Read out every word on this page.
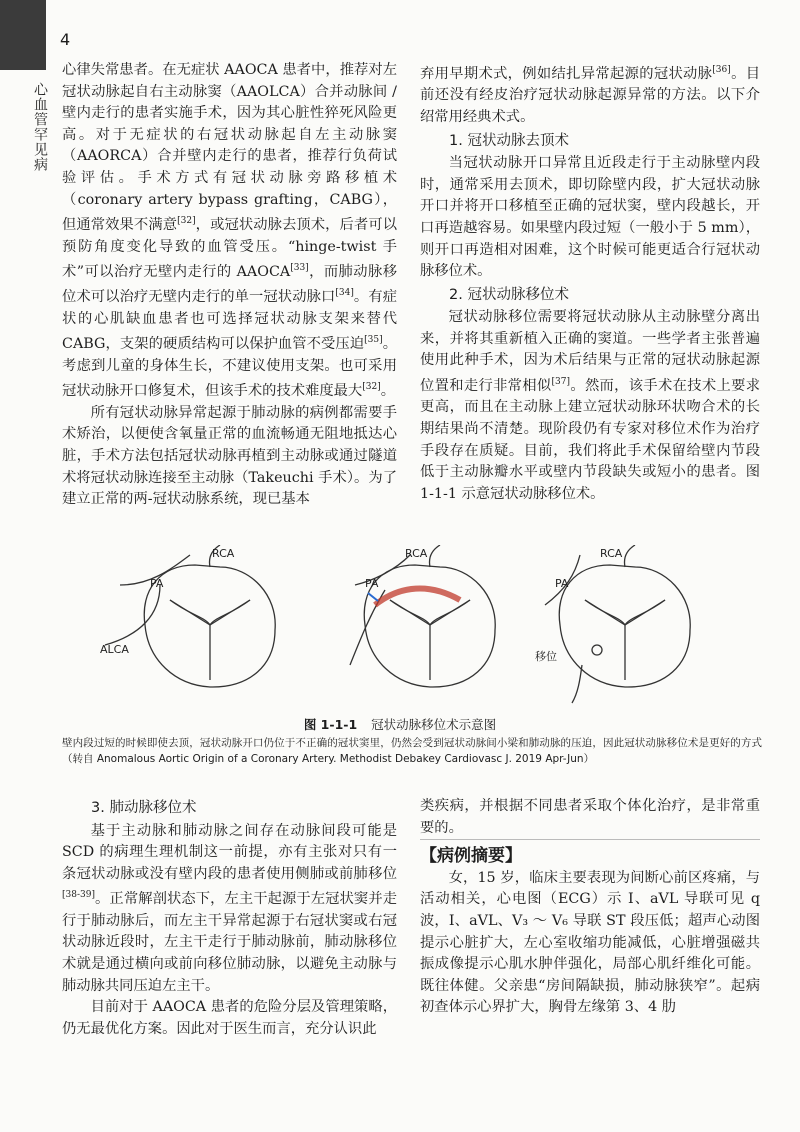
4
心血管罕见病

心律失常患者。在无症状 AAOCA 患者中，推荐对左冠状动脉起自右主动脉窦（AAOLCA）合并动脉间 / 壁内走行的患者实施手术，因为其心脏性猝死风险更高。对于无症状的右冠状动脉起自左主动脉窦（AAORCA）合并壁内走行的患者，推荐行负荷试验评估。手术方式有冠状动脉旁路移植术（coronary artery bypass grafting，CABG），但通常效果不满意[32]，或冠状动脉去顶术，后者可以预防角度变化导致的血管受压。“hinge-twist 手术”可以治疗无壁内走行的 AAOCA[33]，而肺动脉移位术可以治疗无壁内走行的单一冠状动脉口[34]。有症状的心肌缺血患者也可选择冠状动脉支架来替代 CABG，支架的硬质结构可以保护血管不受压迫[35]。考虑到儿童的身体生长，不建议使用支架。也可采用冠状动脉开口修复术，但该手术的技术难度最大[32]。

所有冠状动脉异常起源于肺动脉的病例都需要手术矫治，以便使含氧量正常的血流畅通无阻地抵达心脏，手术方法包括冠状动脉再植到主动脉或通过隧道术将冠状动脉连接至主动脉（Takeuchi 手术）。为了建立正常的两-冠状动脉系统，现已基本

弃用早期术式，例如结扎异常起源的冠状动脉[36]。目前还没有经皮治疗冠状动脉起源异常的方法。以下介绍常用经典术式。

1. 冠状动脉去顶术

当冠状动脉开口异常且近段走行于主动脉壁内段时，通常采用去顶术，即切除壁内段，扩大冠状动脉开口并将开口移植至正确的冠状窦，壁内段越长，开口再造越容易。如果壁内段过短（一般小于 5 mm），则开口再造相对困难，这个时候可能更适合行冠状动脉移位术。

2. 冠状动脉移位术

冠状动脉移位需要将冠状动脉从主动脉壁分离出来，并将其重新植入正确的窦道。一些学者主张普遍使用此种手术，因为术后结果与正常的冠状动脉起源位置和走行非常相似[37]。然而，该手术在技术上要求更高，而且在主动脉上建立冠状动脉环状吻合术的长期结果尚不清楚。现阶段仍有专家对移位术作为治疗手段存在质疑。目前，我们将此手术保留给壁内节段低于主动脉瓣水平或壁内节段缺失或短小的患者。图 1-1-1 示意冠状动脉移位术。

RCA
PA
ALCA
RCA
PA
RCA
PA
移位
图 1-1-1 冠状动脉移位术示意图
壁内段过短的时候即使去顶，冠状动脉开口仍位于不正确的冠状窦里，仍然会受到冠状动脉间小梁和肺动脉的压迫，因此冠状动脉移位术是更好的方式（转自 Anomalous Aortic Origin of a Coronary Artery. Methodist Debakey Cardiovasc J. 2019 Apr-Jun）
3. 肺动脉移位术

基于主动脉和肺动脉之间存在动脉间段可能是 SCD 的病理生理机制这一前提，亦有主张对只有一条冠状动脉或没有壁内段的患者使用侧肺或前肺移位[38-39]。正常解剖状态下，左主干起源于左冠状窦并走行于肺动脉后，而左主干异常起源于右冠状窦或右冠状动脉近段时，左主干走行于肺动脉前，肺动脉移位术就是通过横向或前向移位肺动脉，以避免主动脉与肺动脉共同压迫左主干。

目前对于 AAOCA 患者的危险分层及管理策略，仍无最优化方案。因此对于医生而言，充分认识此

类疾病，并根据不同患者采取个体化治疗，是非常重要的。

【病例摘要】

女，15 岁，临床主要表现为间断心前区疼痛，与活动相关，心电图（ECG）示 Ⅰ、aVL 导联可见 q 波，Ⅰ、aVL、V₃ ～ V₆ 导联 ST 段压低；超声心动图提示心脏扩大，左心室收缩功能减低，心脏增强磁共振成像提示心肌水肿伴强化，局部心肌纤维化可能。既往体健。父亲患“房间隔缺损，肺动脉狭窄”。起病初查体示心界扩大，胸骨左缘第 3、4 肋
